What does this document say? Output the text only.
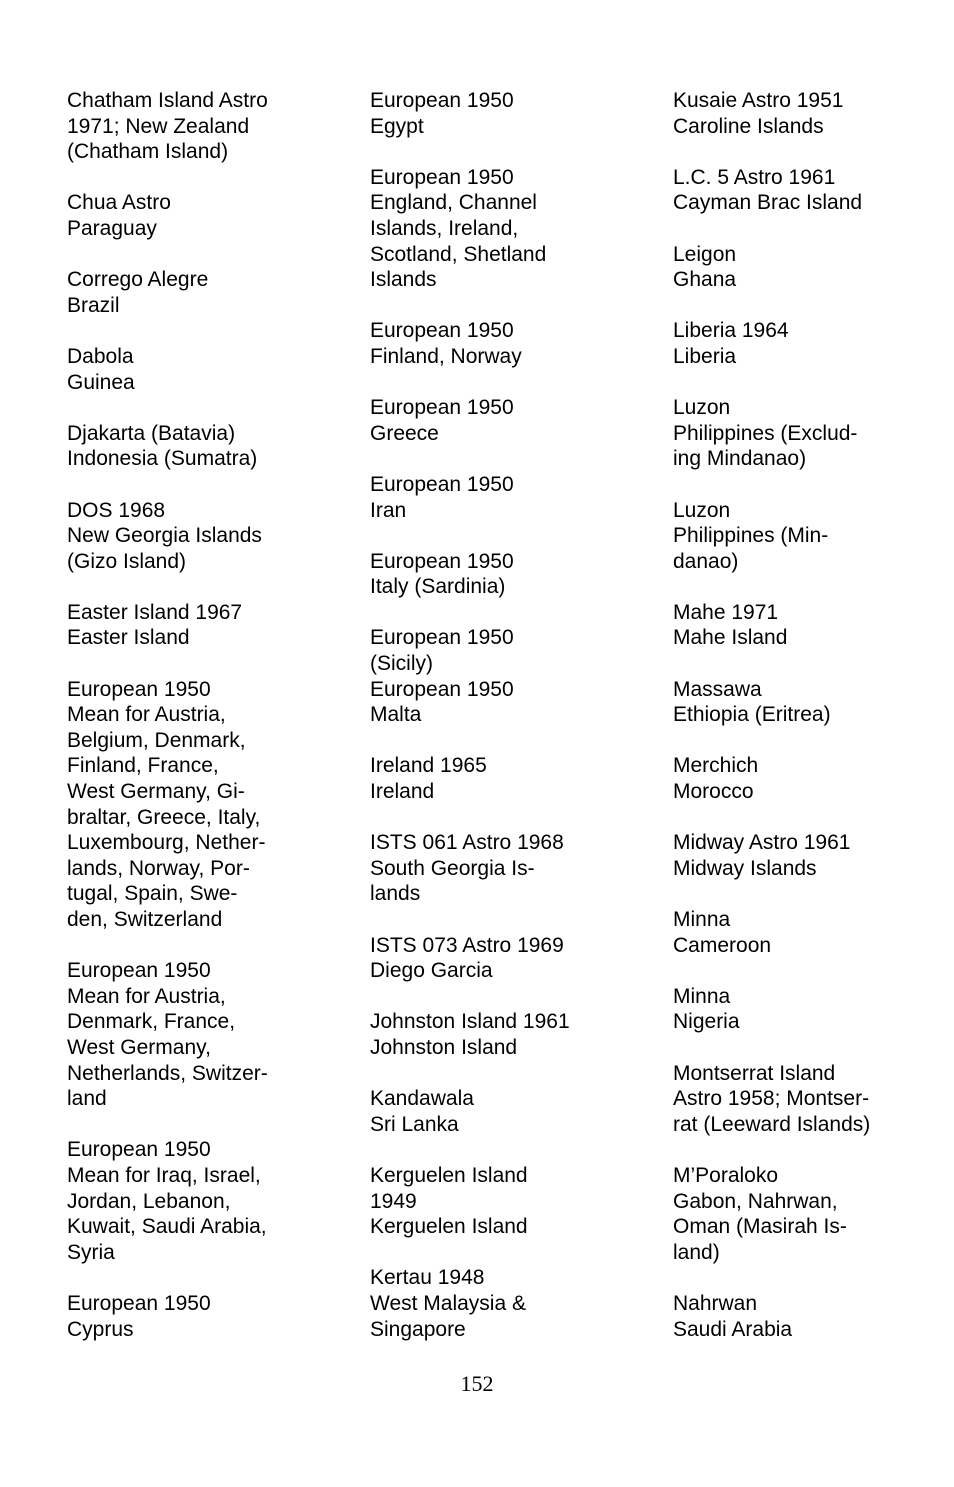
Chatham Island Astro
1971; New Zealand
(Chatham Island)
Chua Astro
Paraguay
Corrego Alegre
Brazil
Dabola
Guinea
Djakarta (Batavia)
Indonesia (Sumatra)
DOS 1968
New Georgia Islands
(Gizo Island)
Easter Island 1967
Easter Island
European 1950
Mean for Austria,
Belgium, Denmark,
Finland, France,
West Germany, Gi-
braltar, Greece, Italy,
Luxembourg, Nether-
lands, Norway, Por-
tugal, Spain, Swe-
den, Switzerland
European 1950
Mean for Austria,
Denmark, France,
West Germany,
Netherlands, Switzer-
land
European 1950
Mean for Iraq, Israel,
Jordan, Lebanon,
Kuwait, Saudi Arabia,
Syria
European 1950
Cyprus
European 1950
Egypt
European 1950
England, Channel
Islands, Ireland,
Scotland, Shetland
Islands
European 1950
Finland, Norway
European 1950
Greece
European 1950
Iran
European 1950
Italy (Sardinia)
European 1950
(Sicily)
European 1950
Malta
Ireland 1965
Ireland
ISTS 061 Astro 1968
South Georgia Is-
lands
ISTS 073 Astro 1969
Diego Garcia
Johnston Island 1961
Johnston Island
Kandawala
Sri Lanka
Kerguelen Island
1949
Kerguelen Island
Kertau 1948
West Malaysia &
Singapore
Kusaie Astro 1951
Caroline Islands
L.C. 5 Astro 1961
Cayman Brac Island
Leigon
Ghana
Liberia 1964
Liberia
Luzon
Philippines (Exclud-
ing Mindanao)
Luzon
Philippines (Min-
danao)
Mahe 1971
Mahe Island
Massawa
Ethiopia (Eritrea)
Merchich
Morocco
Midway Astro 1961
Midway Islands
Minna
Cameroon
Minna
Nigeria
Montserrat Island
Astro 1958; Montser-
rat (Leeward Islands)
M’Poraloko
Gabon, Nahrwan,
Oman (Masirah Is-
land)
Nahrwan
Saudi Arabia
152
